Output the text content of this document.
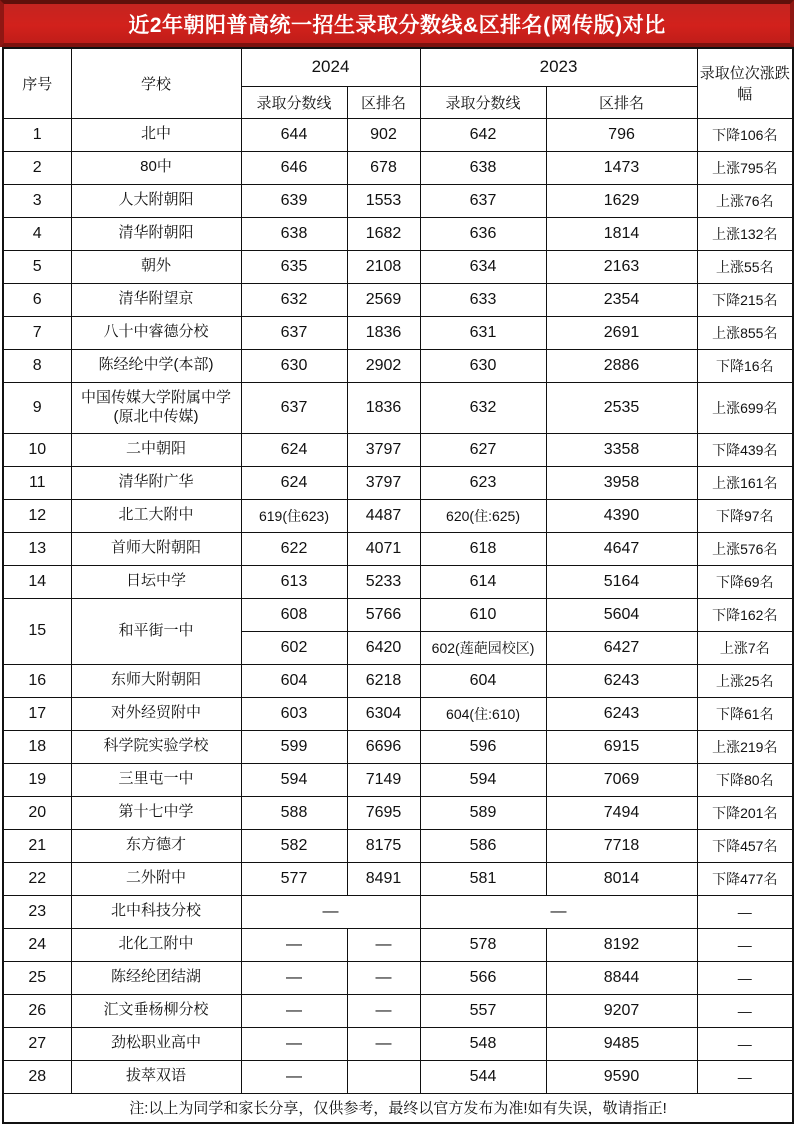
近2年朝阳普高统一招生录取分数线&区排名(网传版)对比
序号	学校	2024		2023		录取位次涨跌幅
		录取分数线	区排名	录取分数线	区排名	
1	北中	644	902	642	796	下降106名
2	80中	646	678	638	1473	上涨795名
3	人大附朝阳	639	1553	637	1629	上涨76名
4	清华附朝阳	638	1682	636	1814	上涨132名
5	朝外	635	2108	634	2163	上涨55名
6	清华附望京	632	2569	633	2354	下降215名
7	八十中睿德分校	637	1836	631	2691	上涨855名
8	陈经纶中学(本部)	630	2902	630	2886	下降16名
9	中国传媒大学附属中学
(原北中传媒)	637	1836	632	2535	上涨699名
10	二中朝阳	624	3797	627	3358	下降439名
11	清华附广华	624	3797	623	3958	上涨161名
12	北工大附中	619(住623)	4487	620(住:625)	4390	下降97名
13	首师大附朝阳	622	4071	618	4647	上涨576名
14	日坛中学	613	5233	614	5164	下降69名
15	和平街一中	608	5766	610	5604	下降162名
		602	6420	602(莲葩园校区)	6427	上涨7名
16	东师大附朝阳	604	6218	604	6243	上涨25名
17	对外经贸附中	603	6304	604(住:610)	6243	下降61名
18	科学院实验学校	599	6696	596	6915	上涨219名
19	三里屯一中	594	7149	594	7069	下降80名
20	第十七中学	588	7695	589	7494	下降201名
21	东方德才	582	8175	586	7718	下降457名
22	二外附中	577	8491	581	8014	下降477名
23	北中科技分校	—		—		—
24	北化工附中	—	—	578	8192	—
25	陈经纶团结湖	—	—	566	8844	—
26	汇文垂杨柳分校	—	—	557	9207	—
27	劲松职业高中	—	—	548	9485	—
28	拔萃双语	—		544	9590	—
注:以上为同学和家长分享，仅供参考，最终以官方发布为准!如有失误，敬请指正!						
